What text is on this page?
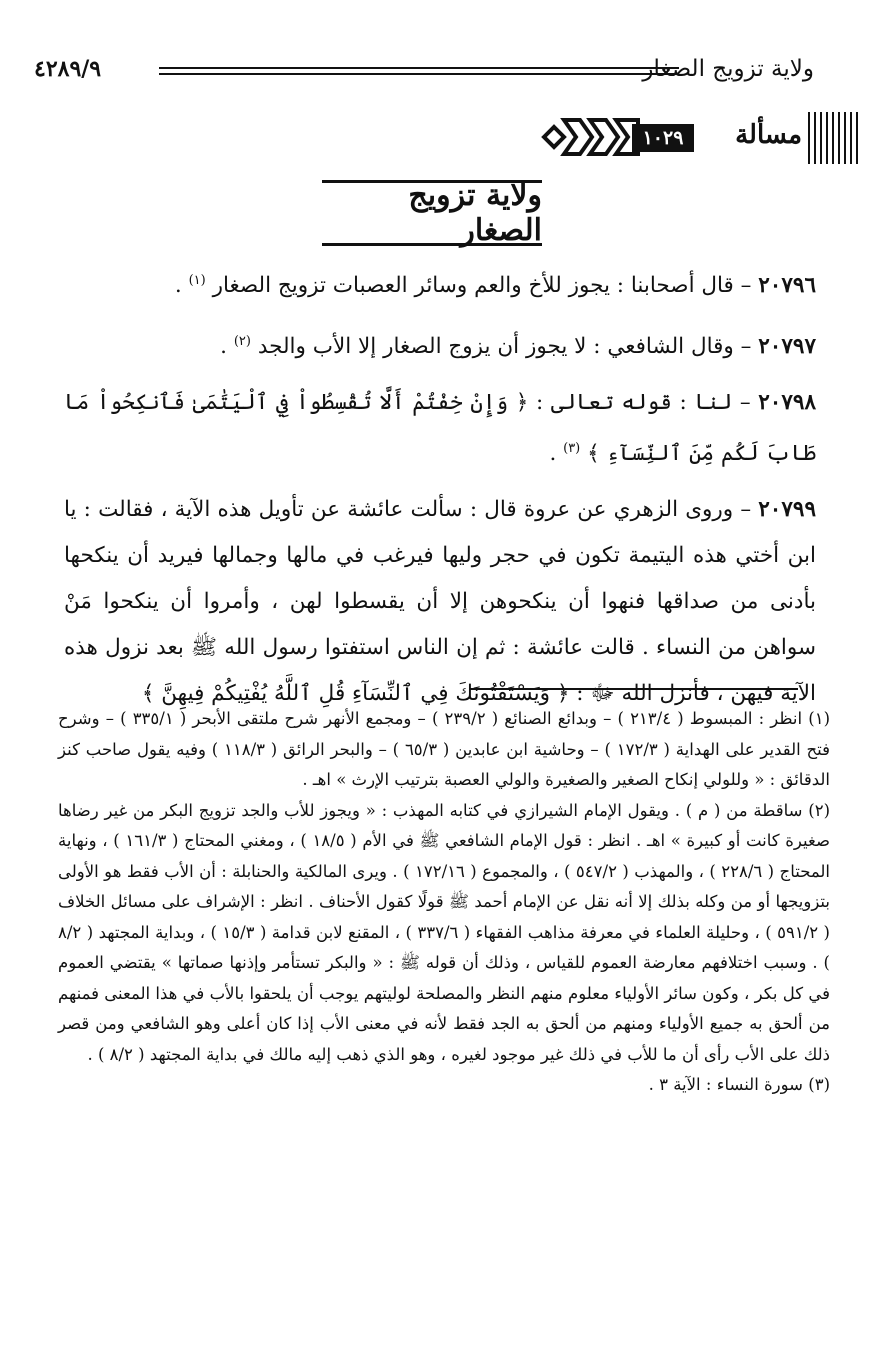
ولاية تزويج الصغار
٤٢٨٩/٩
مسألة
١٠٢٩
ولاية تزويج الصغار

٢٠٧٩٦ – قال أصحابنا : يجوز للأخ والعم وسائر العصبات تزويج الصغار $^{(١)}$ .

٢٠٧٩٧ – وقال الشافعي : لا يجوز أن يزوج الصغار إلا الأب والجد $^{(٢)}$ .

٢٠٧٩٨ – لنا : قوله تعالى : ﴿ وَإِنْ خِفْتُمْ أَلَّا تُقْسِطُواْ فِي ٱلْيَتَٰمَىٰ فَٱنكِحُواْ مَا طَابَ لَكُم مِّنَ ٱلنِّسَآءِ ﴾ $^{(٣)}$ .

٢٠٧٩٩ – وروى الزهري عن عروة قال : سألت عائشة عن تأويل هذه الآية ، فقالت : يا ابن أختي هذه اليتيمة تكون في حجر وليها فيرغب في مالها وجمالها فيريد أن ينكحها بأدنى من صداقها فنهوا أن ينكحوهن إلا أن يقسطوا لهن ، وأمروا أن ينكحوا مَنْ سواهن من النساء . قالت عائشة : ثم إن الناس استفتوا رسول الله ﷺ بعد نزول هذه الآية فيهن ، فأنزل الله ﷻ : ﴿ وَيَسْتَفْتُونَكَ فِي ٱلنِّسَآءِ قُلِ ٱللَّهُ يُفْتِيكُمْ فِيهِنَّ ﴾

(١) انظر : المبسوط ( ٢١٣/٤ ) – وبدائع الصنائع ( ٢٣٩/٢ ) – ومجمع الأنهر شرح ملتقى الأبحر ( ٣٣٥/١ ) – وشرح فتح القدير على الهداية ( ١٧٢/٣ ) – وحاشية ابن عابدين ( ٦٥/٣ ) – والبحر الرائق ( ١١٨/٣ ) وفيه يقول صاحب كنز الدقائق : « وللولي إنكاح الصغير والصغيرة والولي العصبة بترتيب الإرث » اهـ .

(٢) ساقطة من ( م ) . ويقول الإمام الشيرازي في كتابه المهذب : « ويجوز للأب والجد تزويج البكر من غير رضاها صغيرة كانت أو كبيرة » اهـ . انظر : قول الإمام الشافعي ﷺ في الأم ( ١٨/٥ ) ، ومغني المحتاج ( ١٦١/٣ ) ، ونهاية المحتاج ( ٢٢٨/٦ ) ، والمهذب ( ٥٤٧/٢ ) ، والمجموع ( ١٧٢/١٦ ) . ويرى المالكية والحنابلة : أن الأب فقط هو الأولى بتزويجها أو من وكله بذلك إلا أنه نقل عن الإمام أحمد ﷺ قولًا كقول الأحناف . انظر : الإشراف على مسائل الخلاف ( ٥٩١/٢ ) ، وحليلة العلماء في معرفة مذاهب الفقهاء ( ٣٣٧/٦ ) ، المقنع لابن قدامة ( ١٥/٣ ) ، وبداية المجتهد ( ٨/٢ ) . وسبب اختلافهم معارضة العموم للقياس ، وذلك أن قوله ﷺ : « والبكر تستأمر وإذنها صماتها » يقتضي العموم في كل بكر ، وكون سائر الأولياء معلوم منهم النظر والمصلحة لوليتهم يوجب أن يلحقوا بالأب في هذا المعنى فمنهم من ألحق به جميع الأولياء ومنهم من ألحق به الجد فقط لأنه في معنى الأب إذا كان أعلى وهو الشافعي ومن قصر ذلك على الأب رأى أن ما للأب في ذلك غير موجود لغيره ، وهو الذي ذهب إليه مالك في بداية المجتهد ( ٨/٢ ) .

(٣) سورة النساء : الآية ٣ .
